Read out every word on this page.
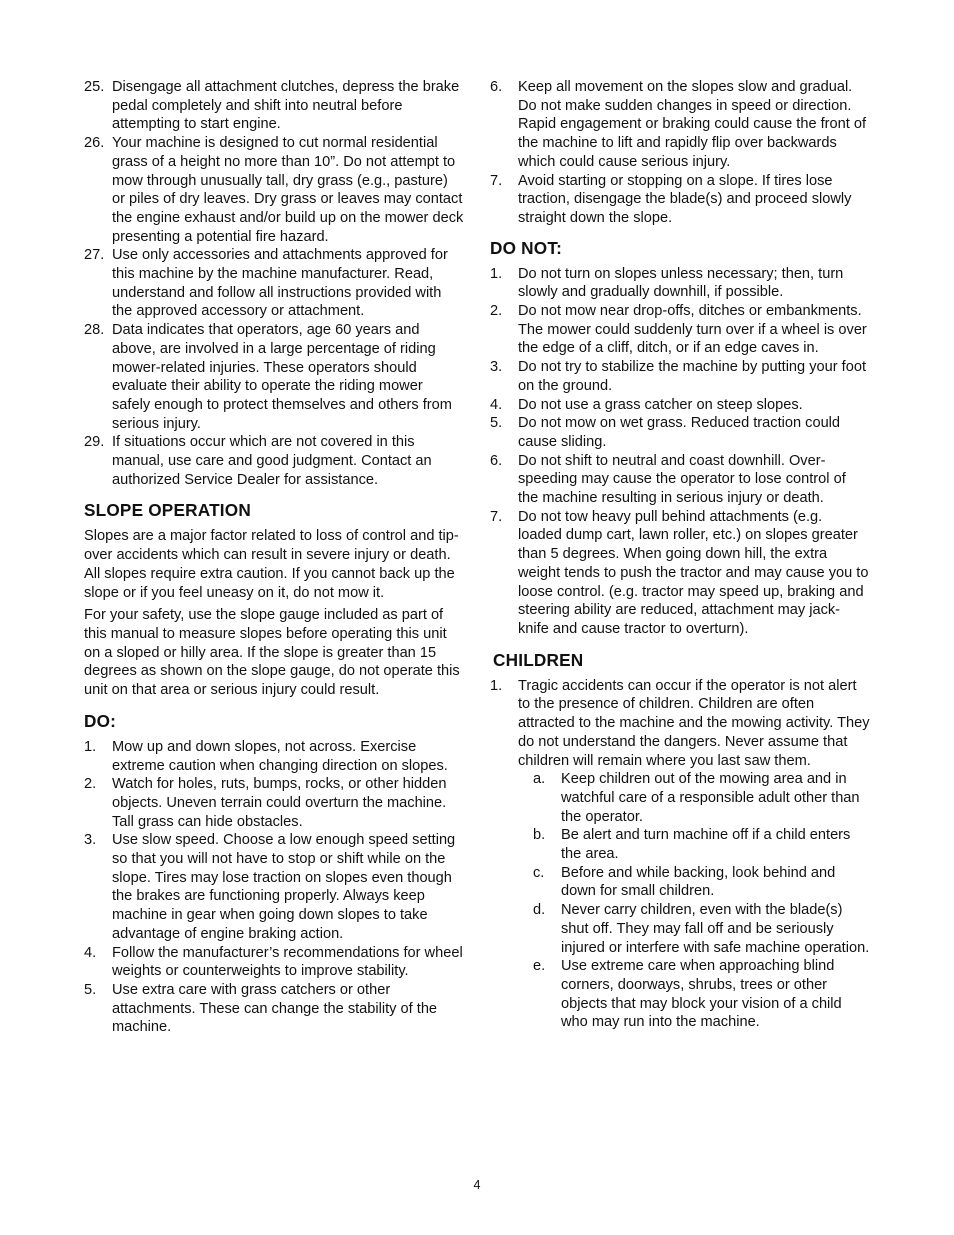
25. Disengage all attachment clutches, depress the brake pedal completely and shift into neutral before attempting to start engine.
26. Your machine is designed to cut normal residential grass of a height no more than 10”. Do not attempt to mow through unusually tall, dry grass (e.g., pasture) or piles of dry leaves. Dry grass or leaves may contact the engine exhaust and/or build up on the mower deck presenting a potential fire hazard.
27. Use only accessories and attachments approved for this machine by the machine manufacturer. Read, understand and follow all instructions provided with the approved accessory or attachment.
28. Data indicates that operators, age 60 years and above, are involved in a large percentage of riding mower-related injuries. These operators should evaluate their ability to operate the riding mower safely enough to protect themselves and others from serious injury.
29. If situations occur which are not covered in this manual, use care and good judgment. Contact an authorized Service Dealer for assistance.
SLOPE OPERATION

Slopes are a major factor related to loss of control and tip-over accidents which can result in severe injury or death. All slopes require extra caution. If you cannot back up the slope or if you feel uneasy on it, do not mow it.

For your safety, use the slope gauge included as part of this manual to measure slopes before operating this unit on a sloped or hilly area. If the slope is greater than 15 degrees as shown on the slope gauge, do not operate this unit on that area or serious injury could result.

DO:
1.	Mow up and down slopes, not across. Exercise extreme caution when changing direction on slopes.
2.	Watch for holes, ruts, bumps, rocks, or other hidden objects. Uneven terrain could overturn the machine. Tall grass can hide obstacles.
3.	Use slow speed. Choose a low enough speed setting so that you will not have to stop or shift while on the slope. Tires may lose traction on slopes even though the brakes are functioning properly. Always keep machine in gear when going down slopes to take advantage of engine braking action.
4.	Follow the manufacturer’s recommendations for wheel weights or counterweights to improve stability.
5.	Use extra care with grass catchers or other attachments. These can change the stability of the machine.
6.	Keep all movement on the slopes slow and gradual. Do not make sudden changes in speed or direction. Rapid engagement or braking could cause the front of the machine to lift and rapidly flip over backwards which could cause serious injury.
7.	Avoid starting or stopping on a slope. If tires lose traction, disengage the blade(s) and proceed slowly straight down the slope.
DO NOT:
1.	Do not turn on slopes unless necessary; then, turn slowly and gradually downhill, if possible.
2.	Do not mow near drop-offs, ditches or embankments. The mower could suddenly turn over if a wheel is over the edge of a cliff, ditch, or if an edge caves in.
3.	Do not try to stabilize the machine by putting your foot on the ground.
4.	Do not use a grass catcher on steep slopes.
5.	Do not mow on wet grass. Reduced traction could cause sliding.
6.	Do not shift to neutral and coast downhill. Over-speeding may cause the operator to lose control of the machine resulting in serious injury or death.
7.	Do not tow heavy pull behind attachments (e.g. loaded dump cart, lawn roller, etc.) on slopes greater than 5 degrees. When going down hill, the extra weight tends to push the tractor and may cause you to loose control. (e.g. tractor may speed up, braking and steering ability are reduced, attachment may jack-knife and cause tractor to overturn).
CHILDREN
1.	Tragic accidents can occur if the operator is not alert to the presence of children. Children are often attracted to the machine and the mowing activity. They do not understand the dangers. Never assume that children will remain where you last saw them.
a.	Keep children out of the mowing area and in watchful care of a responsible adult other than the operator.
b.	Be alert and turn machine off if a child enters the area.
c.	Before and while backing, look behind and down for small children.
d.	Never carry children, even with the blade(s) shut off. They may fall off and be seriously injured or interfere with safe machine operation.
e.	Use extreme care when approaching blind corners, doorways, shrubs, trees or other objects that may block your vision of a child who may run into the machine.
4
